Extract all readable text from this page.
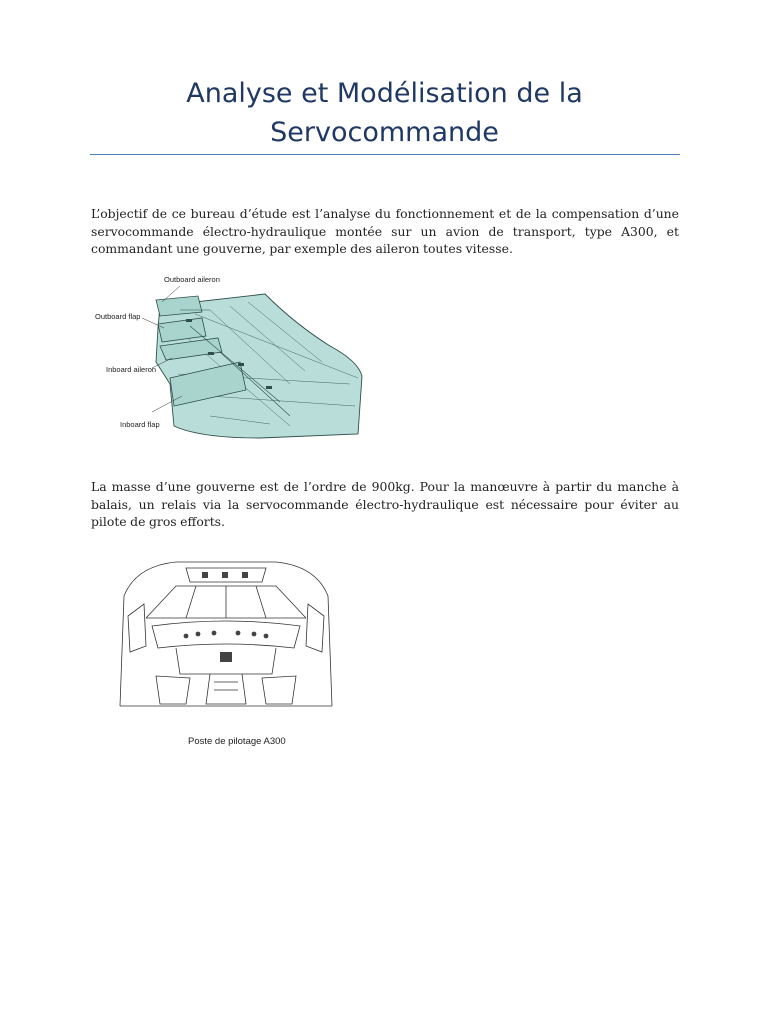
Analyse et Modélisation de la
Servocommande

L’objectif de ce bureau d’étude est l’analyse du fonctionnement et de la compensation d’une servocommande électro-hydraulique montée sur un avion de transport, type A300, et commandant une gouverne, par exemple des aileron toutes vitesse.

Outboard aileron
Outboard flap
Inboard aileron
Inboard flap

La masse d’une gouverne est de l’ordre de 900kg. Pour la manœuvre à partir du manche à balais, un relais via la servocommande électro-hydraulique est nécessaire pour éviter au pilote de gros efforts.

Poste de pilotage A300
